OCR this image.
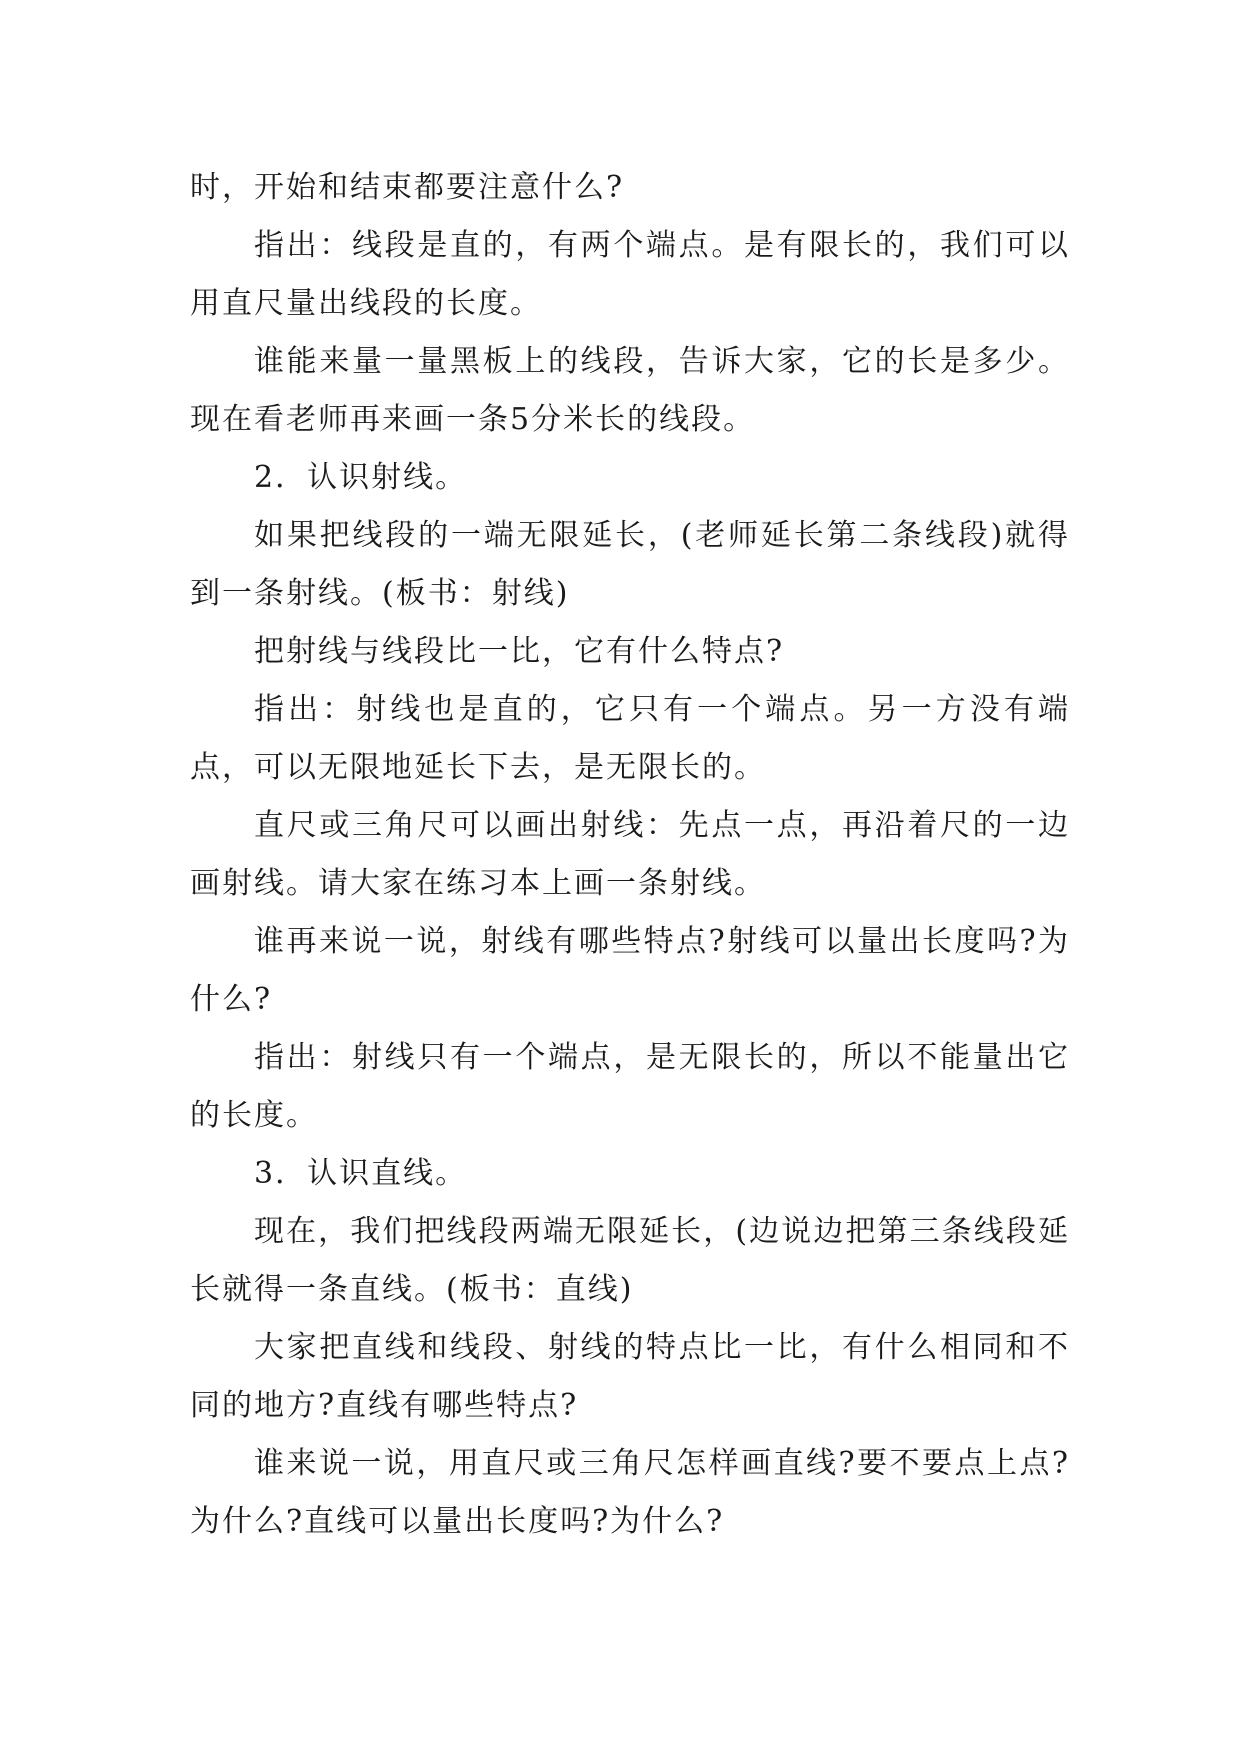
时，开始和结束都要注意什么?

指出：线段是直的，有两个端点。是有限长的，我们可以用直尺量出线段的长度。

谁能来量一量黑板上的线段，告诉大家，它的长是多少。现在看老师再来画一条5分米长的线段。

2．认识射线。

如果把线段的一端无限延长，(老师延长第二条线段)就得到一条射线。(板书：射线)

把射线与线段比一比，它有什么特点?

指出：射线也是直的，它只有一个端点。另一方没有端点，可以无限地延长下去，是无限长的。

直尺或三角尺可以画出射线：先点一点，再沿着尺的一边画射线。请大家在练习本上画一条射线。

谁再来说一说，射线有哪些特点?射线可以量出长度吗?为什么?

指出：射线只有一个端点，是无限长的，所以不能量出它的长度。

3．认识直线。

现在，我们把线段两端无限延长，(边说边把第三条线段延长就得一条直线。(板书：直线)

大家把直线和线段、射线的特点比一比，有什么相同和不同的地方?直线有哪些特点?

谁来说一说，用直尺或三角尺怎样画直线?要不要点上点?为什么?直线可以量出长度吗?为什么?
